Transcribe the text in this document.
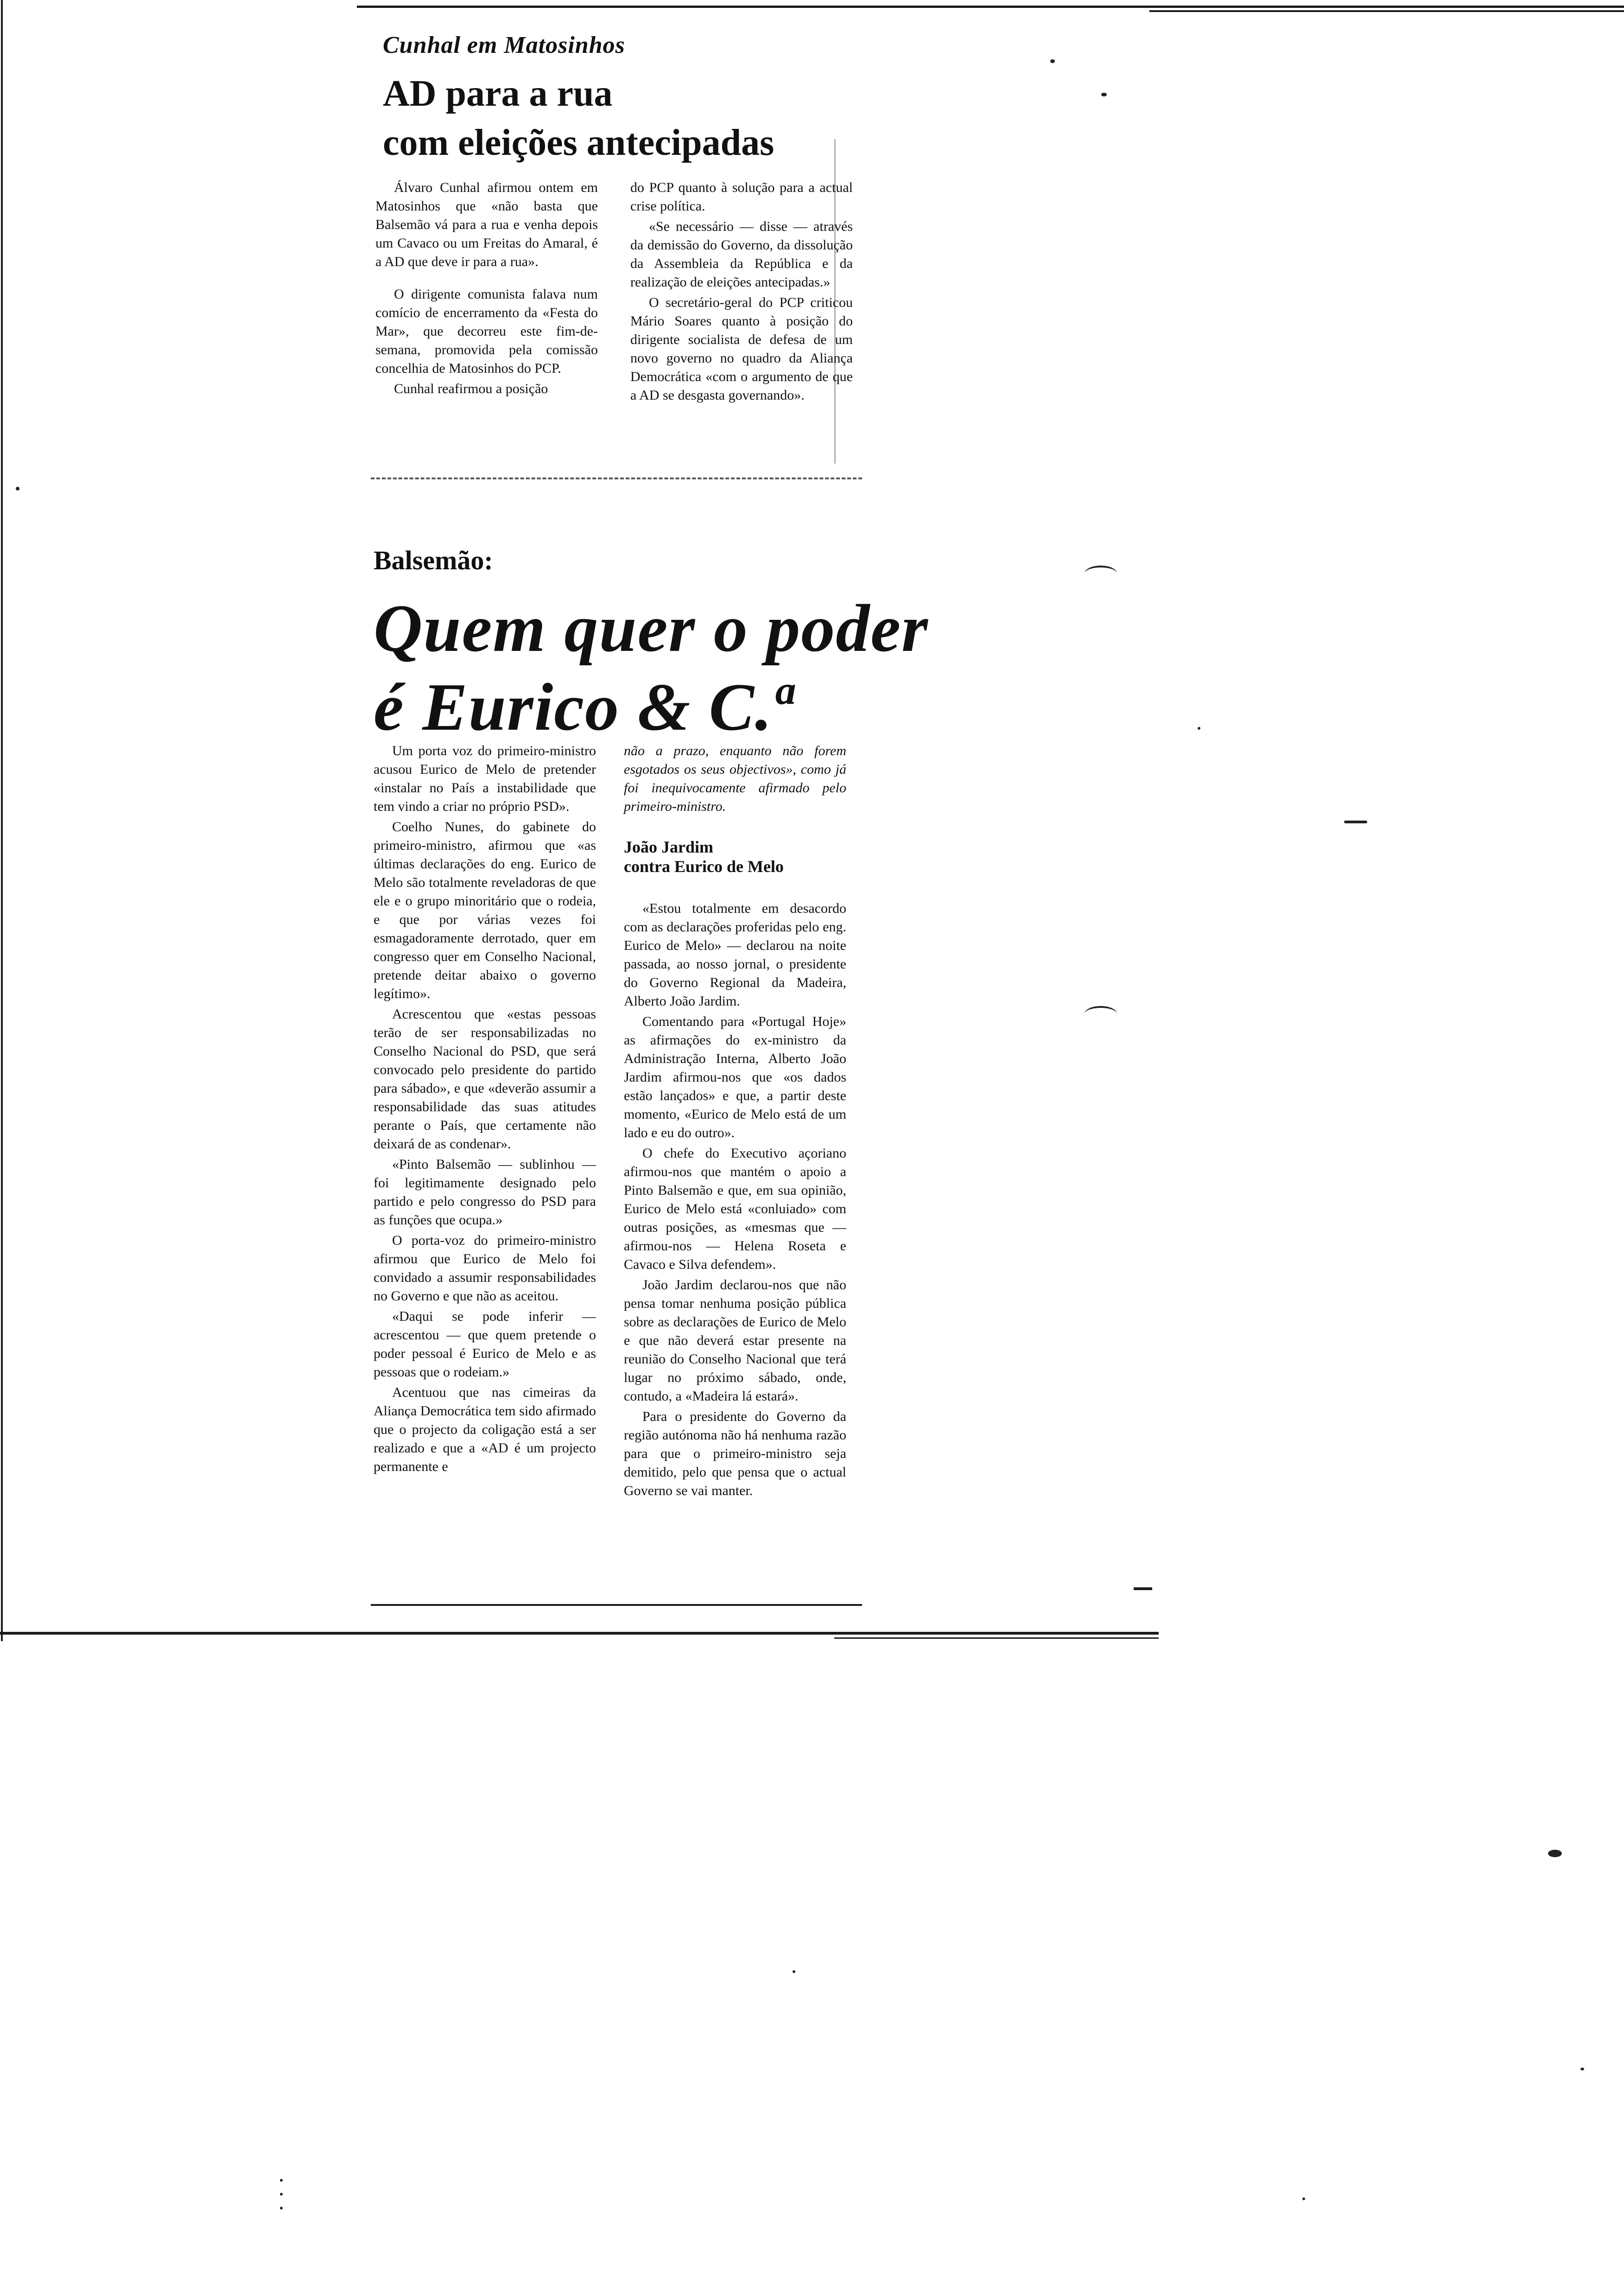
Cunhal em Matosinhos
AD para a rua
com eleições antecipadas

Álvaro Cunhal afirmou ontem em Matosinhos que «não basta que Balsemão vá para a rua e venha depois um Cavaco ou um Freitas do Amaral, é a AD que deve ir para a rua».

O dirigente comunista falava num comício de encerramento da «Festa do Mar», que decorreu este fim-de-semana, promovida pela comissão concelhia de Matosinhos do PCP.

Cunhal reafirmou a posição

do PCP quanto à solução para a actual crise política.

«Se necessário — disse — através da demissão do Governo, da dissolução da Assembleia da República e da realização de eleições antecipadas.»

O secretário-geral do PCP criticou Mário Soares quanto à posição do dirigente socialista de defesa de um novo governo no quadro da Aliança Democrática «com o argumento de que a AD se desgasta governando».

Balsemão:
Quem quer o poder
é Eurico & C.ª

Um porta voz do primeiro-ministro acusou Eurico de Melo de pretender «instalar no País a instabilidade que tem vindo a criar no próprio PSD».

Coelho Nunes, do gabinete do primeiro-ministro, afirmou que «as últimas declarações do eng. Eurico de Melo são totalmente reveladoras de que ele e o grupo minoritário que o rodeia, e que por várias vezes foi esmagadoramente derrotado, quer em congresso quer em Conselho Nacional, pretende deitar abaixo o governo legítimo».

Acrescentou que «estas pessoas terão de ser responsabilizadas no Conselho Nacional do PSD, que será convocado pelo presidente do partido para sábado», e que «deverão assumir a responsabilidade das suas atitudes perante o País, que certamente não deixará de as condenar».

«Pinto Balsemão — sublinhou — foi legitimamente designado pelo partido e pelo congresso do PSD para as funções que ocupa.»

O porta-voz do primeiro-ministro afirmou que Eurico de Melo foi convidado a assumir responsabilidades no Governo e que não as aceitou.

«Daqui se pode inferir — acrescentou — que quem pretende o poder pessoal é Eurico de Melo e as pessoas que o rodeiam.»

Acentuou que nas cimeiras da Aliança Democrática tem sido afirmado que o projecto da coligação está a ser realizado e que a «AD é um projecto permanente e

não a prazo, enquanto não forem esgotados os seus objectivos», como já foi inequivocamente afirmado pelo primeiro-ministro.

João Jardim
contra Eurico de Melo

«Estou totalmente em desacordo com as declarações proferidas pelo eng. Eurico de Melo» — declarou na noite passada, ao nosso jornal, o presidente do Governo Regional da Madeira, Alberto João Jardim.

Comentando para «Portugal Hoje» as afirmações do ex-ministro da Administração Interna, Alberto João Jardim afirmou-nos que «os dados estão lançados» e que, a partir deste momento, «Eurico de Melo está de um lado e eu do outro».

O chefe do Executivo açoriano afirmou-nos que mantém o apoio a Pinto Balsemão e que, em sua opinião, Eurico de Melo está «conluiado» com outras posições, as «mesmas que — afirmou-nos — Helena Roseta e Cavaco e Silva defendem».

João Jardim declarou-nos que não pensa tomar nenhuma posição pública sobre as declarações de Eurico de Melo e que não deverá estar presente na reunião do Conselho Nacional que terá lugar no próximo sábado, onde, contudo, a «Madeira lá estará».

Para o presidente do Governo da região autónoma não há nenhuma razão para que o primeiro-ministro seja demitido, pelo que pensa que o actual Governo se vai manter.
